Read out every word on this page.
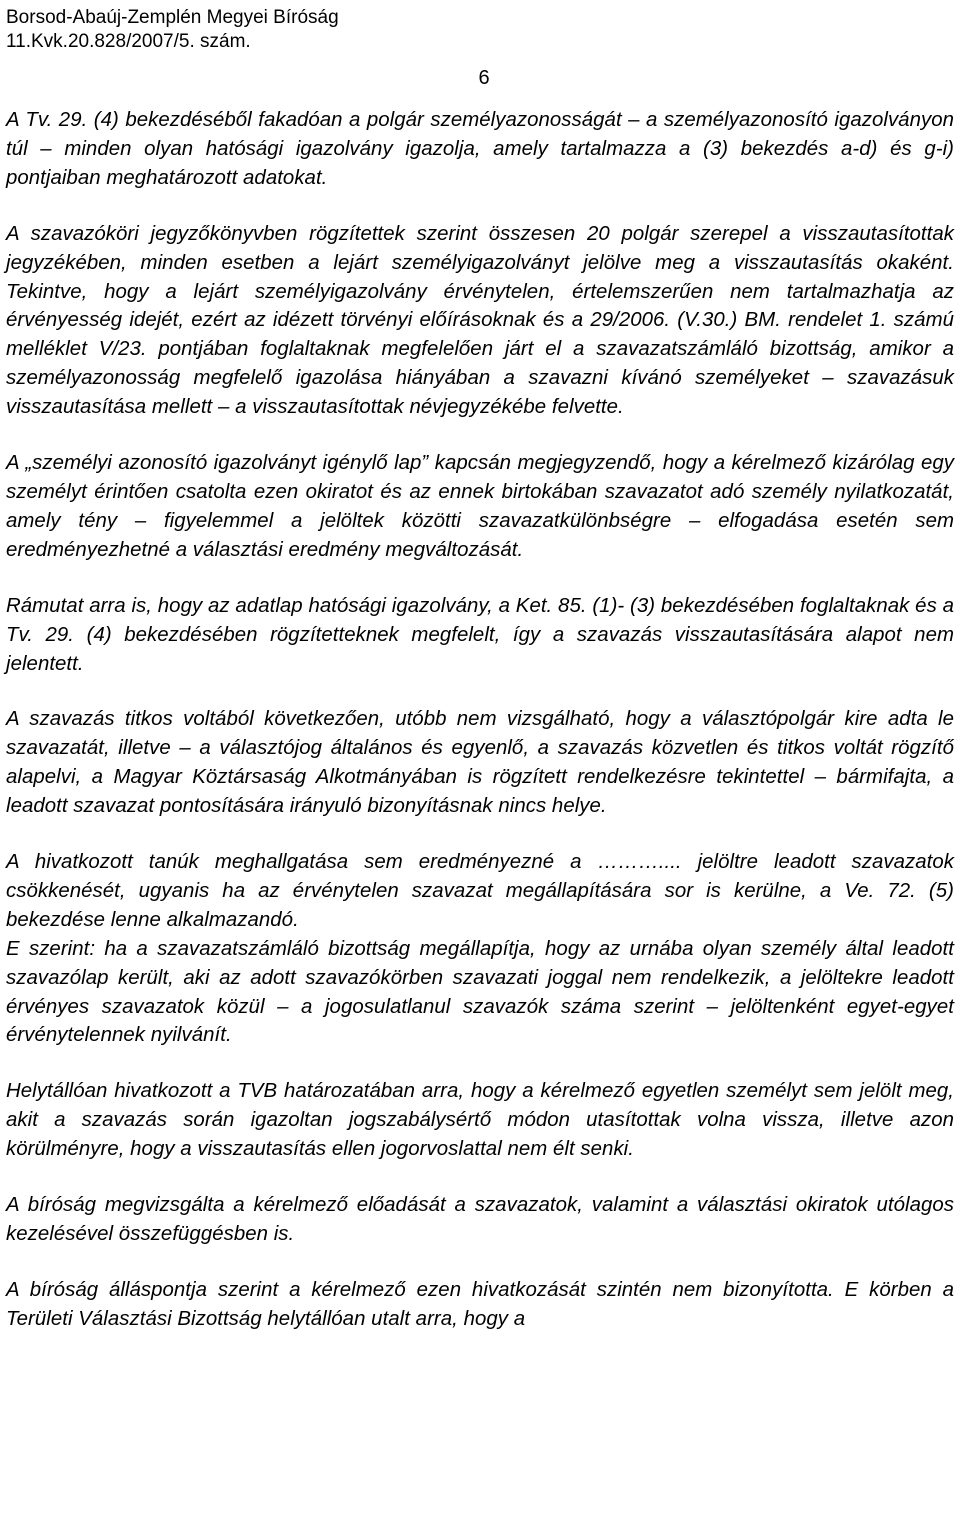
Borsod-Abaúj-Zemplén Megyei Bíróság
11.Kvk.20.828/2007/5. szám.
6

A Tv. 29. (4) bekezdéséből fakadóan a polgár személyazonosságát – a személyazonosító igazolványon túl – minden olyan hatósági igazolvány igazolja, amely tartalmazza a (3) bekezdés a-d) és g-i) pontjaiban meghatározott adatokat.

A szavazóköri jegyzőkönyvben rögzítettek szerint összesen 20 polgár szerepel a visszautasítottak jegyzékében, minden esetben a lejárt személyigazolványt jelölve meg a visszautasítás okaként. Tekintve, hogy a lejárt személyigazolvány érvénytelen, értelemszerűen nem tartalmazhatja az érvényesség idejét, ezért az idézett törvényi előírásoknak és a 29/2006. (V.30.) BM. rendelet 1. számú melléklet V/23. pontjában foglaltaknak megfelelően járt el a szavazatszámláló bizottság, amikor a személyazonosság megfelelő igazolása hiányában a szavazni kívánó személyeket – szavazásuk visszautasítása mellett – a visszautasítottak névjegyzékébe felvette.

A „személyi azonosító igazolványt igénylő lap” kapcsán megjegyzendő, hogy a kérelmező kizárólag egy személyt érintően csatolta ezen okiratot és az ennek birtokában szavazatot adó személy nyilatkozatát, amely tény – figyelemmel a jelöltek közötti szavazatkülönbségre – elfogadása esetén sem eredményezhetné a választási eredmény megváltozását.

Rámutat arra is, hogy az adatlap hatósági igazolvány, a Ket. 85. (1)- (3) bekezdésében foglaltaknak és a Tv. 29. (4) bekezdésében rögzítetteknek megfelelt, így a szavazás visszautasítására alapot nem jelentett.

A szavazás titkos voltából következően, utóbb nem vizsgálható, hogy a választópolgár kire adta le szavazatát, illetve – a választójog általános és egyenlő, a szavazás közvetlen és titkos voltát rögzítő alapelvi, a Magyar Köztársaság Alkotmányában is rögzített rendelkezésre tekintettel – bármifajta, a leadott szavazat pontosítására irányuló bizonyításnak nincs helye.

A hivatkozott tanúk meghallgatása sem eredményezné a ……….... jelöltre leadott szavazatok csökkenését, ugyanis ha az érvénytelen szavazat megállapítására sor is kerülne, a Ve. 72. (5) bekezdése lenne alkalmazandó.

E szerint: ha a szavazatszámláló bizottság megállapítja, hogy az urnába olyan személy által leadott szavazólap került, aki az adott szavazókörben szavazati joggal nem rendelkezik, a jelöltekre leadott érvényes szavazatok közül – a jogosulatlanul szavazók száma szerint – jelöltenként egyet-egyet érvénytelennek nyilvánít.

Helytállóan hivatkozott a TVB határozatában arra, hogy a kérelmező egyetlen személyt sem jelölt meg, akit a szavazás során igazoltan jogszabálysértő módon utasítottak volna vissza, illetve azon körülményre, hogy a visszautasítás ellen jogorvoslattal nem élt senki.

A bíróság megvizsgálta a kérelmező előadását a szavazatok, valamint a választási okiratok utólagos kezelésével összefüggésben is.

A bíróság álláspontja szerint a kérelmező ezen hivatkozását szintén nem bizonyította. E körben a Területi Választási Bizottság helytállóan utalt arra, hogy a
